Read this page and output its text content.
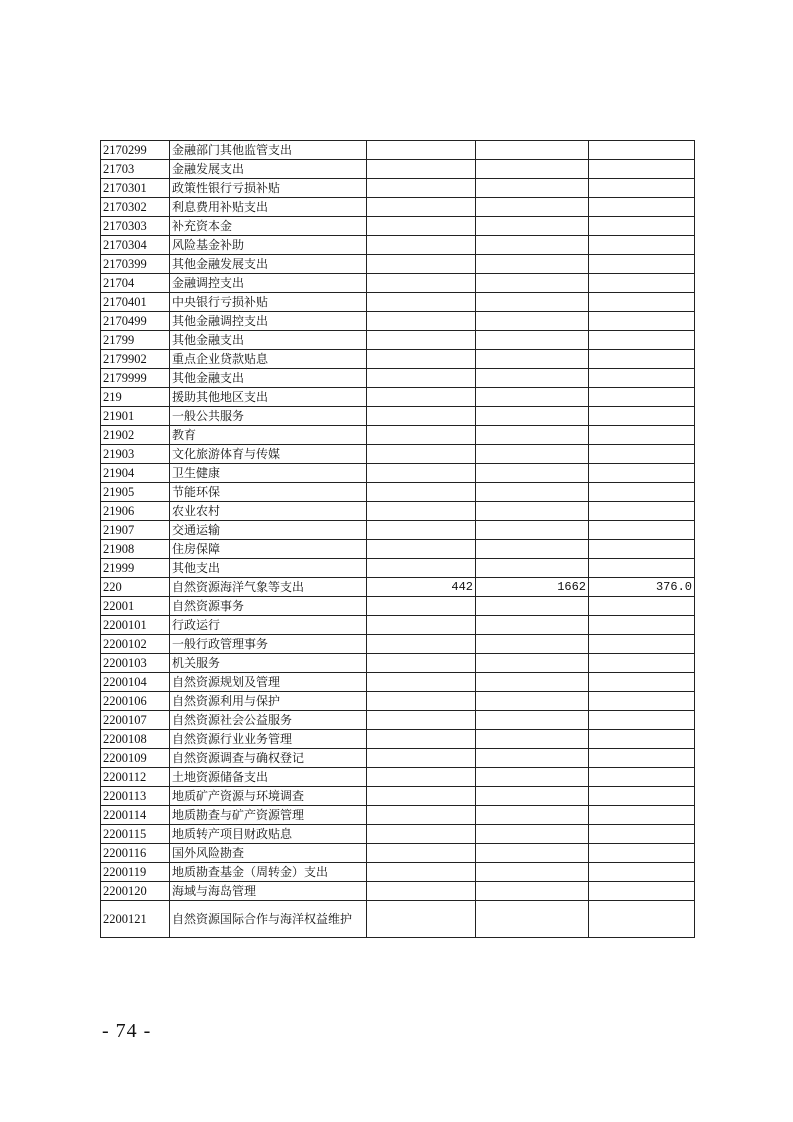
2170299	金融部门其他监管支出			
21703	金融发展支出			
2170301	政策性银行亏损补贴			
2170302	利息费用补贴支出			
2170303	补充资本金			
2170304	风险基金补助			
2170399	其他金融发展支出			
21704	金融调控支出			
2170401	中央银行亏损补贴			
2170499	其他金融调控支出			
21799	其他金融支出			
2179902	重点企业贷款贴息			
2179999	其他金融支出			
219	援助其他地区支出			
21901	一般公共服务			
21902	教育			
21903	文化旅游体育与传媒			
21904	卫生健康			
21905	节能环保			
21906	农业农村			
21907	交通运输			
21908	住房保障			
21999	其他支出			
220	自然资源海洋气象等支出	442	1662	376.0
22001	自然资源事务			
2200101	行政运行			
2200102	一般行政管理事务			
2200103	机关服务			
2200104	自然资源规划及管理			
2200106	自然资源利用与保护			
2200107	自然资源社会公益服务			
2200108	自然资源行业业务管理			
2200109	自然资源调查与确权登记			
2200112	土地资源储备支出			
2200113	地质矿产资源与环境调查			
2200114	地质勘查与矿产资源管理			
2200115	地质转产项目财政贴息			
2200116	国外风险勘查			
2200119	地质勘查基金（周转金）支出			
2200120	海域与海岛管理			
2200121	自然资源国际合作与海洋权益维护			
- 74 -
